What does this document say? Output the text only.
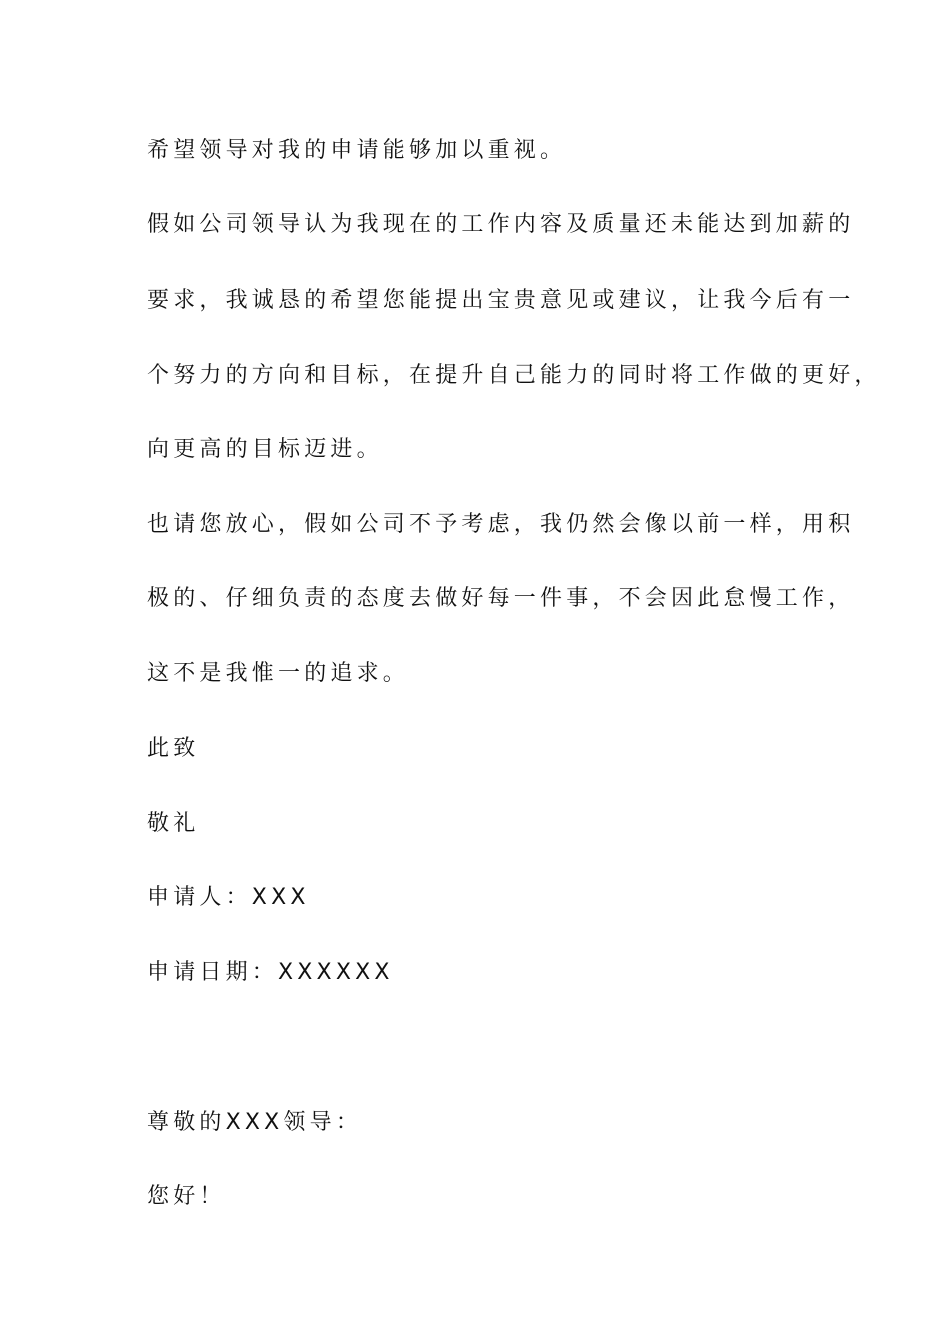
希望领导对我的申请能够加以重视。

假如公司领导认为我现在的工作内容及质量还未能达到加薪的

要求，我诚恳的希望您能提出宝贵意见或建议，让我今后有一

个努力的方向和目标，在提升自己能力的同时将工作做的更好，

向更高的目标迈进。

也请您放心，假如公司不予考虑，我仍然会像以前一样，用积

极的、仔细负责的态度去做好每一件事，不会因此怠慢工作，

这不是我惟一的追求。

此致

敬礼

申请人：XXX

申请日期：XXXXXX

尊敬的XXX领导：

您好！
